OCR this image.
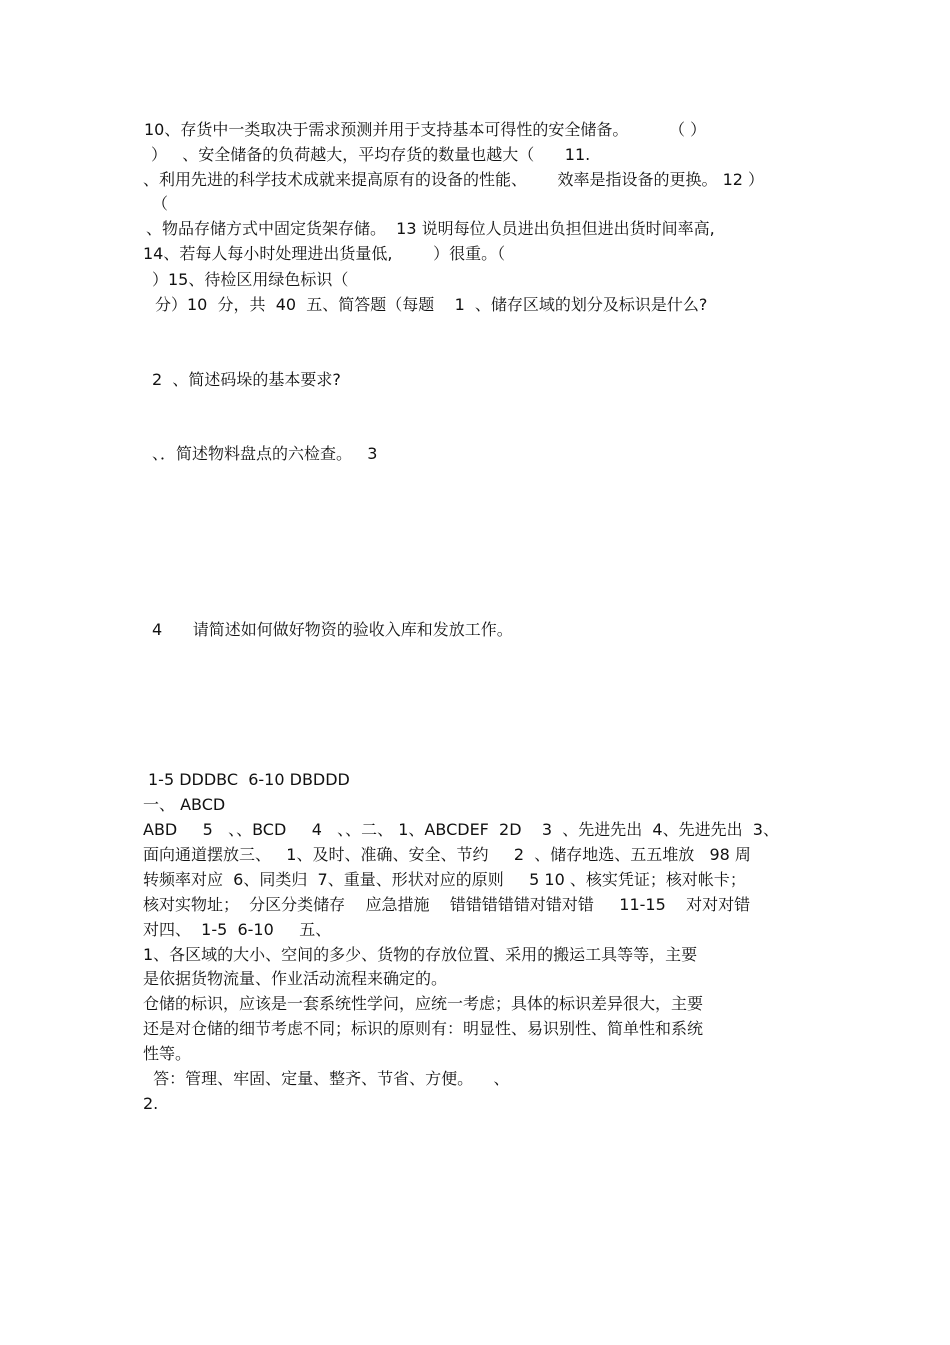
10、存货中一类取决于需求预测并用于支持基本可得性的安全储备。        （ ）

）   、安全储备的负荷越大，平均存货的数量也越大（      11.

、利用先进的科学技术成就来提高原有的设备的性能、      效率是指设备的更换。 12 ）

（

、物品存储方式中固定货架存储。  13 说明每位人员进出负担但进出货时间率高,

14、若每人每小时处理进出货量低,        ）很重。（

）15、待检区用绿色标识（

分）10  分，共  40  五、简答题（每题    1  、储存区域的划分及标识是什么?

2  、简述码垛的基本要求?

、．简述物料盘点的六检查。   3

4      请简述如何做好物资的验收入库和发放工作。

1-5 DDDBC  6-10 DBDDD

一、 ABCD

ABD     5   、、BCD     4   、、二、 1、ABCDEF  2D    3  、先进先出  4、先进先出  3、

面向通道摆放三、   1、及时、准确、安全、节约     2  、储存地选、五五堆放   98 周

转频率对应  6、同类归  7、重量、形状对应的原则     5 10 、核实凭证；核对帐卡；

核对实物址；  分区分类储存    应急措施    错错错错错对错对错     11-15    对对对错

对四、  1-5  6-10     五、

1、各区域的大小、空间的多少、货物的存放位置、采用的搬运工具等等，主要

是依据货物流量、作业活动流程来确定的。

仓储的标识，应该是一套系统性学问，应统一考虑；具体的标识差异很大，主要

还是对仓储的细节考虑不同；标识的原则有：明显性、易识别性、简单性和系统

性等。

答：管理、牢固、定量、整齐、节省、方便。    、

2.
